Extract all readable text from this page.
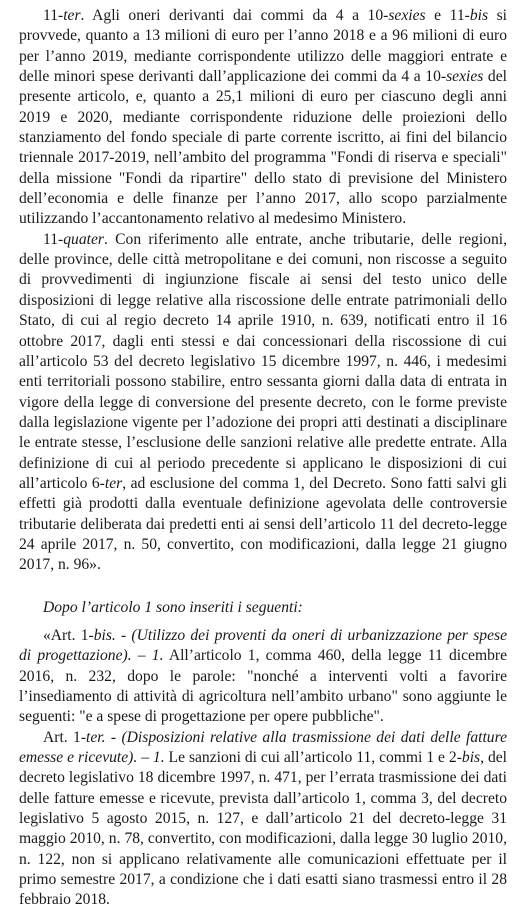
11-ter. Agli oneri derivanti dai commi da 4 a 10-sexies e 11-bis si provvede, quanto a 13 milioni di euro per l’anno 2018 e a 96 milioni di euro per l’anno 2019, mediante corrispondente utilizzo delle maggiori entrate e delle minori spese derivanti dall’applicazione dei commi da 4 a 10-sexies del presente articolo, e, quanto a 25,1 milioni di euro per ciascuno degli anni 2019 e 2020, mediante corrispondente riduzione delle proiezioni dello stanziamento del fondo speciale di parte corrente iscritto, ai fini del bilancio triennale 2017-2019, nell’ambito del programma "Fondi di riserva e speciali" della missione "Fondi da ripartire" dello stato di previsione del Ministero dell’economia e delle finanze per l’anno 2017, allo scopo parzialmente utilizzando l’accantonamento relativo al medesimo Ministero.

11-quater. Con riferimento alle entrate, anche tributarie, delle regioni, delle province, delle città metropolitane e dei comuni, non riscosse a seguito di provvedimenti di ingiunzione fiscale ai sensi del testo unico delle disposizioni di legge relative alla riscossione delle entrate patrimoniali dello Stato, di cui al regio decreto 14 aprile 1910, n. 639, notificati entro il 16 ottobre 2017, dagli enti stessi e dai concessionari della riscossione di cui all’articolo 53 del decreto legislativo 15 dicembre 1997, n. 446, i medesimi enti territoriali possono stabilire, entro sessanta giorni dalla data di entrata in vigore della legge di conversione del presente decreto, con le forme previste dalla legislazione vigente per l’adozione dei propri atti destinati a disciplinare le entrate stesse, l’esclusione delle sanzioni relative alle predette entrate. Alla definizione di cui al periodo precedente si applicano le disposizioni di cui all’articolo 6-ter, ad esclusione del comma 1, del Decreto. Sono fatti salvi gli effetti già prodotti dalla eventuale definizione agevolata delle controversie tributarie deliberata dai predetti enti ai sensi dell’articolo 11 del decreto-legge 24 aprile 2017, n. 50, convertito, con modificazioni, dalla legge 21 giugno 2017, n. 96».

Dopo l’articolo 1 sono inseriti i seguenti:

«Art. 1-bis. - (Utilizzo dei proventi da oneri di urbanizzazione per spese di progettazione). – 1. All’articolo 1, comma 460, della legge 11 dicembre 2016, n. 232, dopo le parole: "nonché a interventi volti a favorire l’insediamento di attività di agricoltura nell’ambito urbano" sono aggiunte le seguenti: "e a spese di progettazione per opere pubbliche".

Art. 1-ter. - (Disposizioni relative alla trasmissione dei dati delle fatture emesse e ricevute). – 1. Le sanzioni di cui all’articolo 11, commi 1 e 2-bis, del decreto legislativo 18 dicembre 1997, n. 471, per l’errata trasmissione dei dati delle fatture emesse e ricevute, prevista dall’articolo 1, comma 3, del decreto legislativo 5 agosto 2015, n. 127, e dall’articolo 21 del decreto-legge 31 maggio 2010, n. 78, convertito, con modificazioni, dalla legge 30 luglio 2010, n. 122, non si applicano relativamente alle comunicazioni effettuate per il primo semestre 2017, a condizione che i dati esatti siano trasmessi entro il 28 febbraio 2018.
